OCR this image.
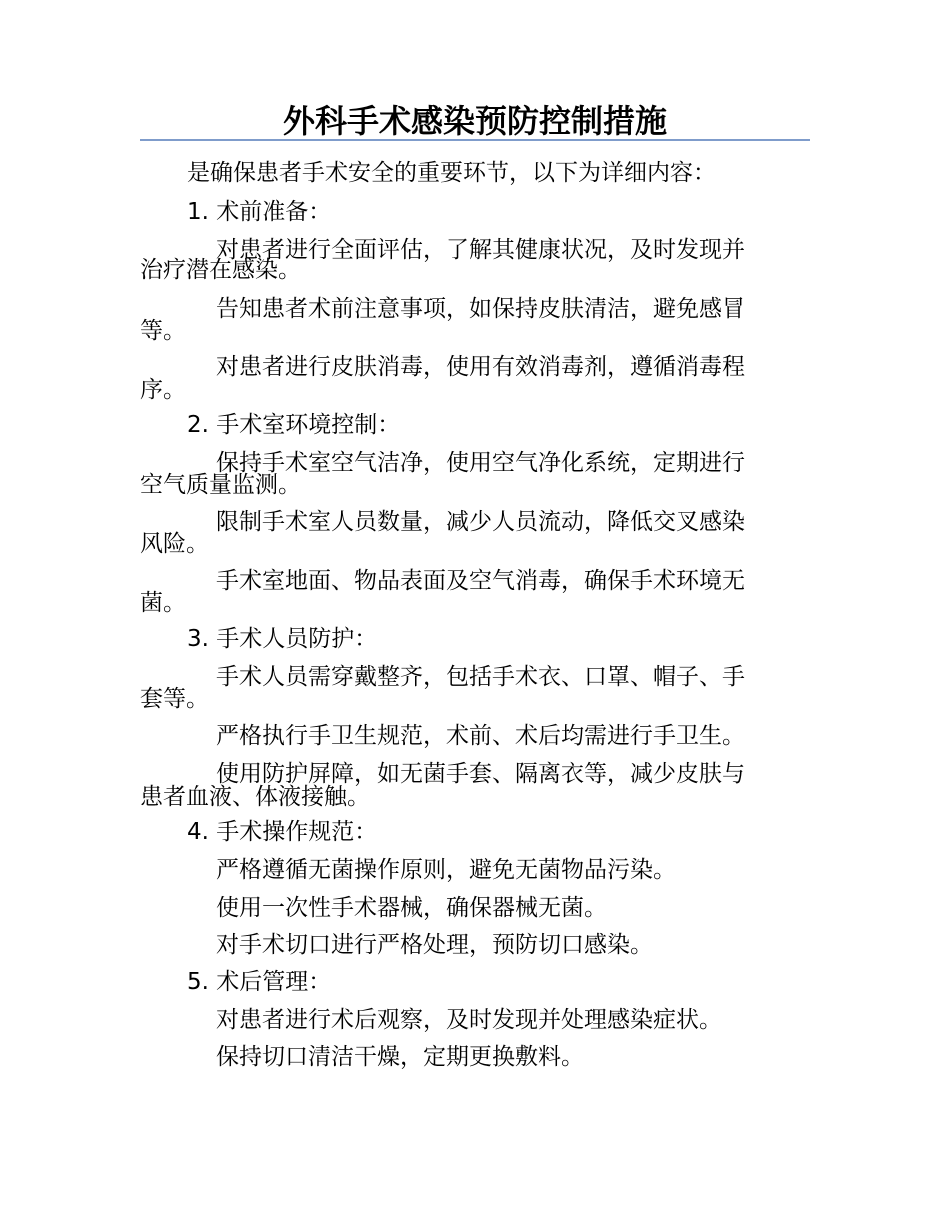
外科手术感染预防控制措施
是确保患者手术安全的重要环节，以下为详细内容：
1. 术前准备：
对患者进行全面评估，了解其健康状况，及时发现并
治疗潜在感染。
告知患者术前注意事项，如保持皮肤清洁，避免感冒
等。
对患者进行皮肤消毒，使用有效消毒剂，遵循消毒程
序。
2. 手术室环境控制：
保持手术室空气洁净，使用空气净化系统，定期进行
空气质量监测。
限制手术室人员数量，减少人员流动，降低交叉感染
风险。
手术室地面、物品表面及空气消毒，确保手术环境无
菌。
3. 手术人员防护：
手术人员需穿戴整齐，包括手术衣、口罩、帽子、手
套等。
严格执行手卫生规范，术前、术后均需进行手卫生。
使用防护屏障，如无菌手套、隔离衣等，减少皮肤与
患者血液、体液接触。
4. 手术操作规范：
严格遵循无菌操作原则，避免无菌物品污染。
使用一次性手术器械，确保器械无菌。
对手术切口进行严格处理，预防切口感染。
5. 术后管理：
对患者进行术后观察，及时发现并处理感染症状。
保持切口清洁干燥，定期更换敷料。
